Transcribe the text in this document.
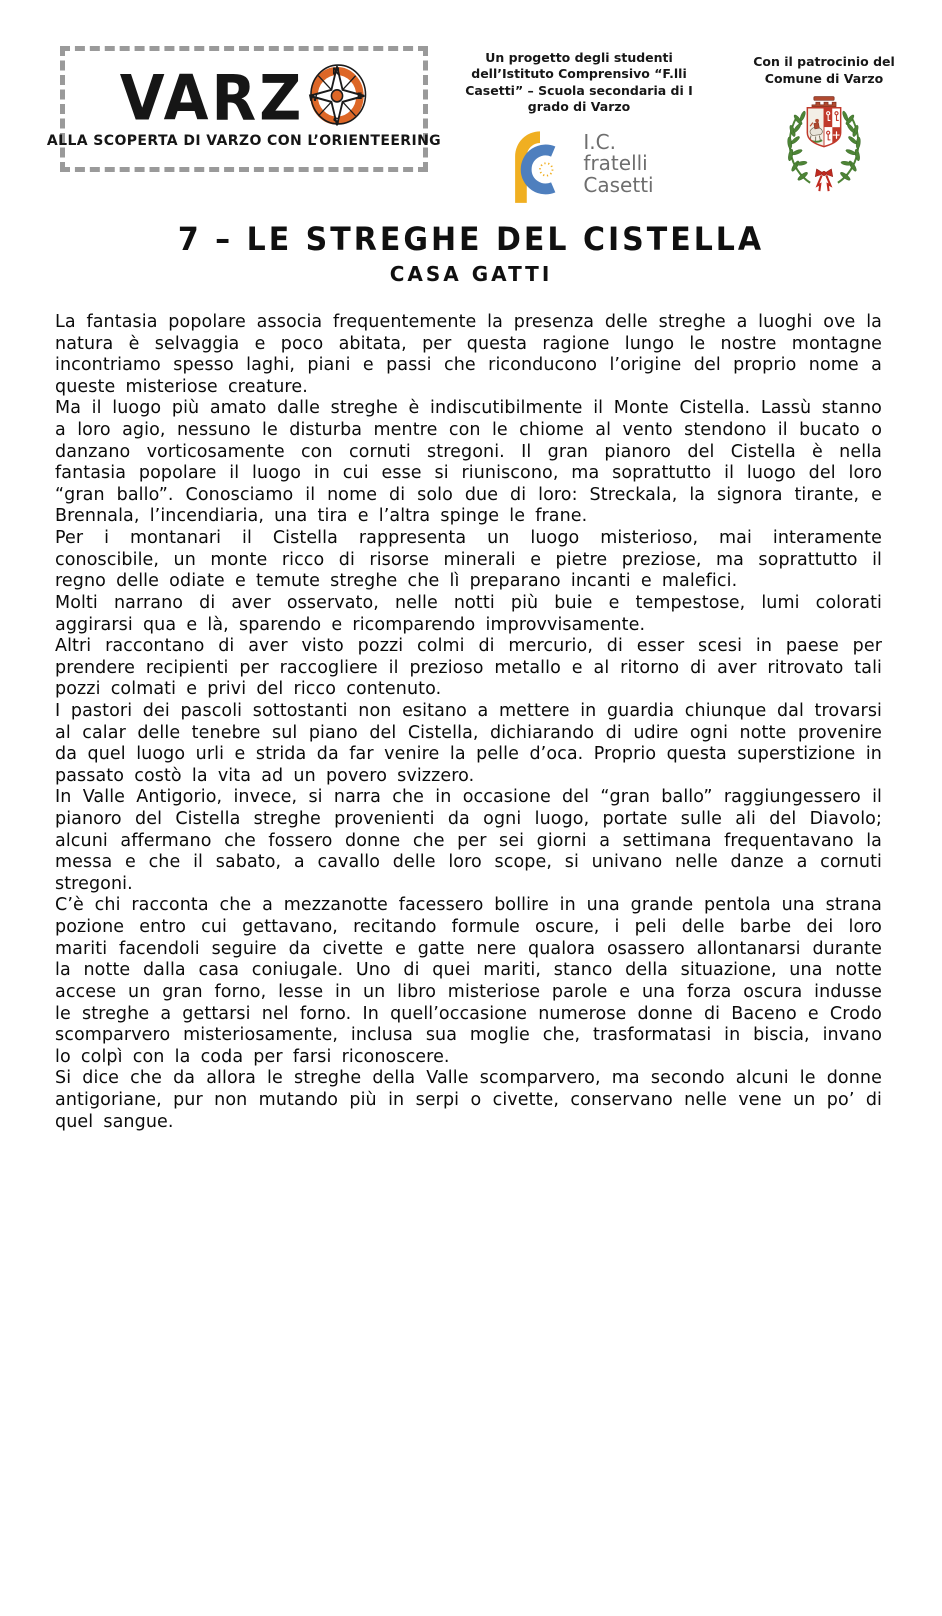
VARZ N
S
W	E
ALLA SCOPERTA DI VARZO CON L’ORIENTEERING
Un progetto degli studenti dell’Istituto Comprensivo “F.lli Casetti” – Scuola secondaria di I grado di Varzo
I.C.
fratelli
Casetti
Con il patrocinio del Comune di Varzo
7 – LE STREGHE DEL CISTELLA
CASA GATTI

La fantasia popolare associa frequentemente la presenza delle streghe a luoghi ove la natura è selvaggia e poco abitata, per questa ragione lungo le nostre montagne incontriamo spesso laghi, piani e passi che riconducono l’origine del proprio nome a queste misteriose creature.

Ma il luogo più amato dalle streghe è indiscutibilmente il Monte Cistella. Lassù stanno a loro agio, nessuno le disturba mentre con le chiome al vento stendono il bucato o danzano vorticosamente con cornuti stregoni. Il gran pianoro del Cistella è nella fantasia popolare il luogo in cui esse si riuniscono, ma soprattutto il luogo del loro “gran ballo”. Conosciamo il nome di solo due di loro: Streckala, la signora tirante, e Brennala, l’incendiaria, una tira e l’altra spinge le frane.

Per i montanari il Cistella rappresenta un luogo misterioso, mai interamente conoscibile, un monte ricco di risorse minerali e pietre preziose, ma soprattutto il regno delle odiate e temute streghe che lì preparano incanti e malefici.

Molti narrano di aver osservato, nelle notti più buie e tempestose, lumi colorati aggirarsi qua e là, sparendo e ricomparendo improvvisamente.

Altri raccontano di aver visto pozzi colmi di mercurio, di esser scesi in paese per prendere recipienti per raccogliere il prezioso metallo e al ritorno di aver ritrovato tali pozzi colmati e privi del ricco contenuto.

I pastori dei pascoli sottostanti non esitano a mettere in guardia chiunque dal trovarsi al calar delle tenebre sul piano del Cistella, dichiarando di udire ogni notte provenire da quel luogo urli e strida da far venire la pelle d’oca. Proprio questa superstizione in passato costò la vita ad un povero svizzero.

In Valle Antigorio, invece, si narra che in occasione del “gran ballo” raggiungessero il pianoro del Cistella streghe provenienti da ogni luogo, portate sulle ali del Diavolo; alcuni affermano che fossero donne che per sei giorni a settimana frequentavano la messa e che il sabato, a cavallo delle loro scope, si univano nelle danze a cornuti stregoni.

C’è chi racconta che a mezzanotte facessero bollire in una grande pentola una strana pozione entro cui gettavano, recitando formule oscure, i peli delle barbe dei loro mariti facendoli seguire da civette e gatte nere qualora osassero allontanarsi durante la notte dalla casa coniugale. Uno di quei mariti, stanco della situazione, una notte accese un gran forno, lesse in un libro misteriose parole e una forza oscura indusse le streghe a gettarsi nel forno. In quell’occasione numerose donne di Baceno e Crodo scomparvero misteriosamente, inclusa sua moglie che, trasformatasi in biscia, invano lo colpì con la coda per farsi riconoscere.

Si dice che da allora le streghe della Valle scomparvero, ma secondo alcuni le donne antigoriane, pur non mutando più in serpi o civette, conservano nelle vene un po’ di quel sangue.
